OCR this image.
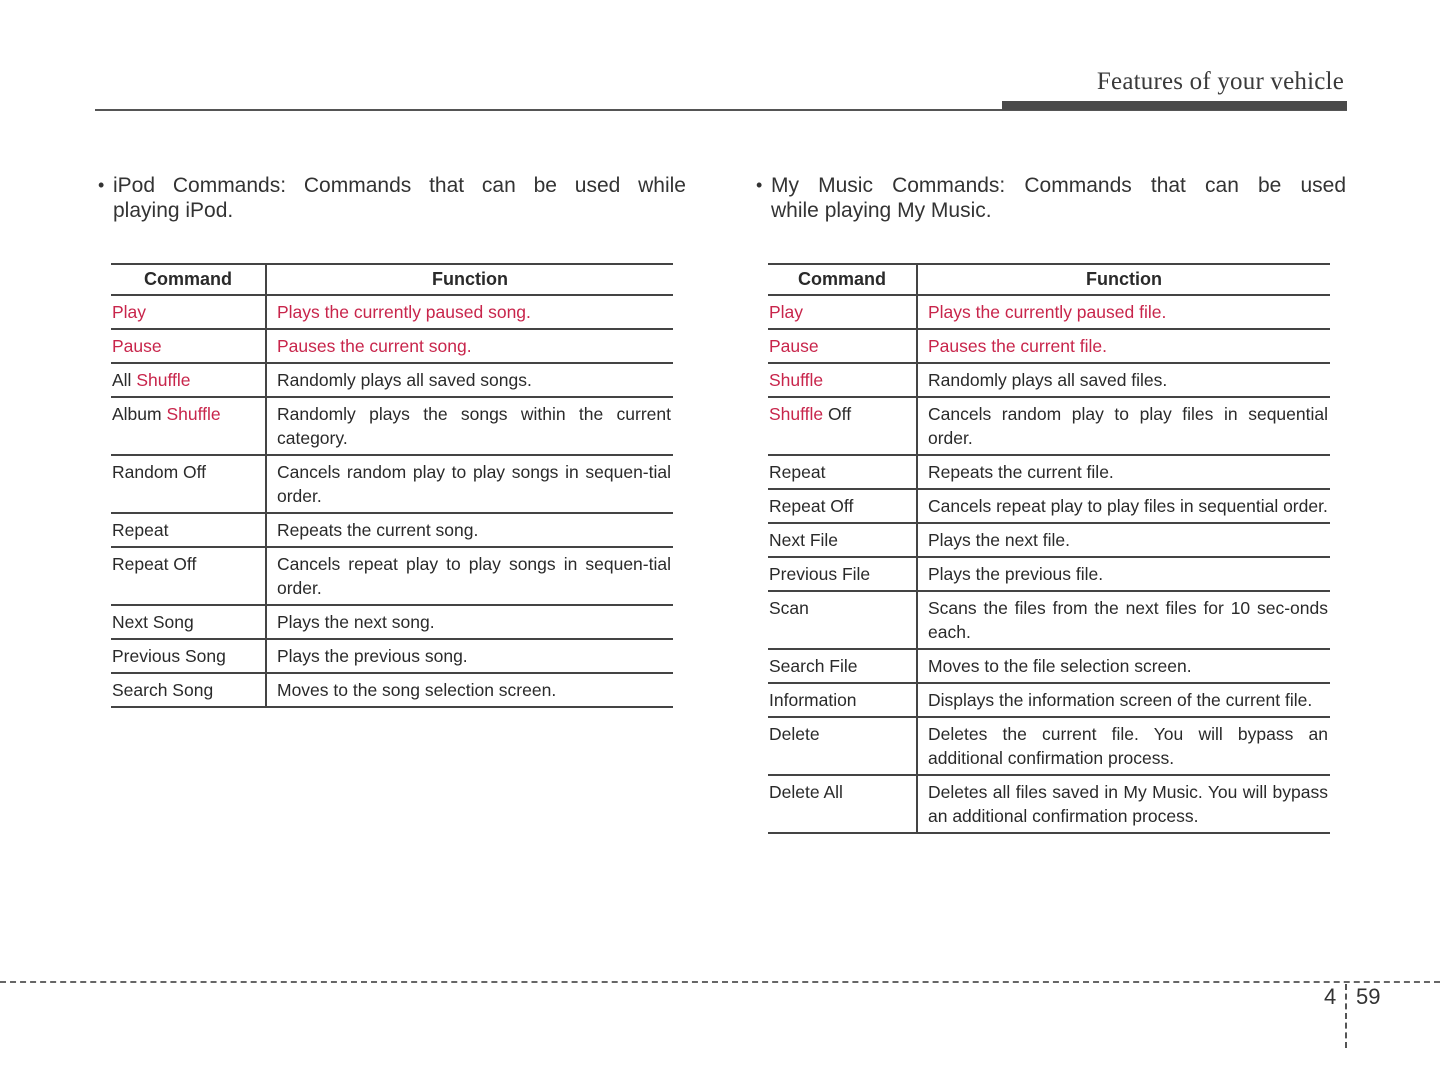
Features of your vehicle
• iPod Commands: Commands that can be used while
playing iPod.
• My Music Commands: Commands that can be used
while playing My Music.
Command	Function
Play	Plays the currently paused song.
Pause	Pauses the current song.
All Shuffle	Randomly plays all saved songs.
Album Shuffle	Randomly plays the songs within the current category.
Random Off	Cancels random play to play songs in sequen-tial order.
Repeat	Repeats the current song.
Repeat Off	Cancels repeat play to play songs in sequen-tial order.
Next Song	Plays the next song.
Previous Song	Plays the previous song.
Search Song	Moves to the song selection screen.
Command	Function
Play	Plays the currently paused file.
Pause	Pauses the current file.
Shuffle	Randomly plays all saved files.
Shuffle Off	Cancels random play to play files in sequential order.
Repeat	Repeats the current file.
Repeat Off	Cancels repeat play to play files in sequential order.
Next File	Plays the next file.
Previous File	Plays the previous file.
Scan	Scans the files from the next files for 10 sec-onds each.
Search File	Moves to the file selection screen.
Information	Displays the information screen of the current file.
Delete	Deletes the current file. You will bypass an additional confirmation process.
Delete All	Deletes all files saved in My Music. You will bypass an additional confirmation process.
4 59
